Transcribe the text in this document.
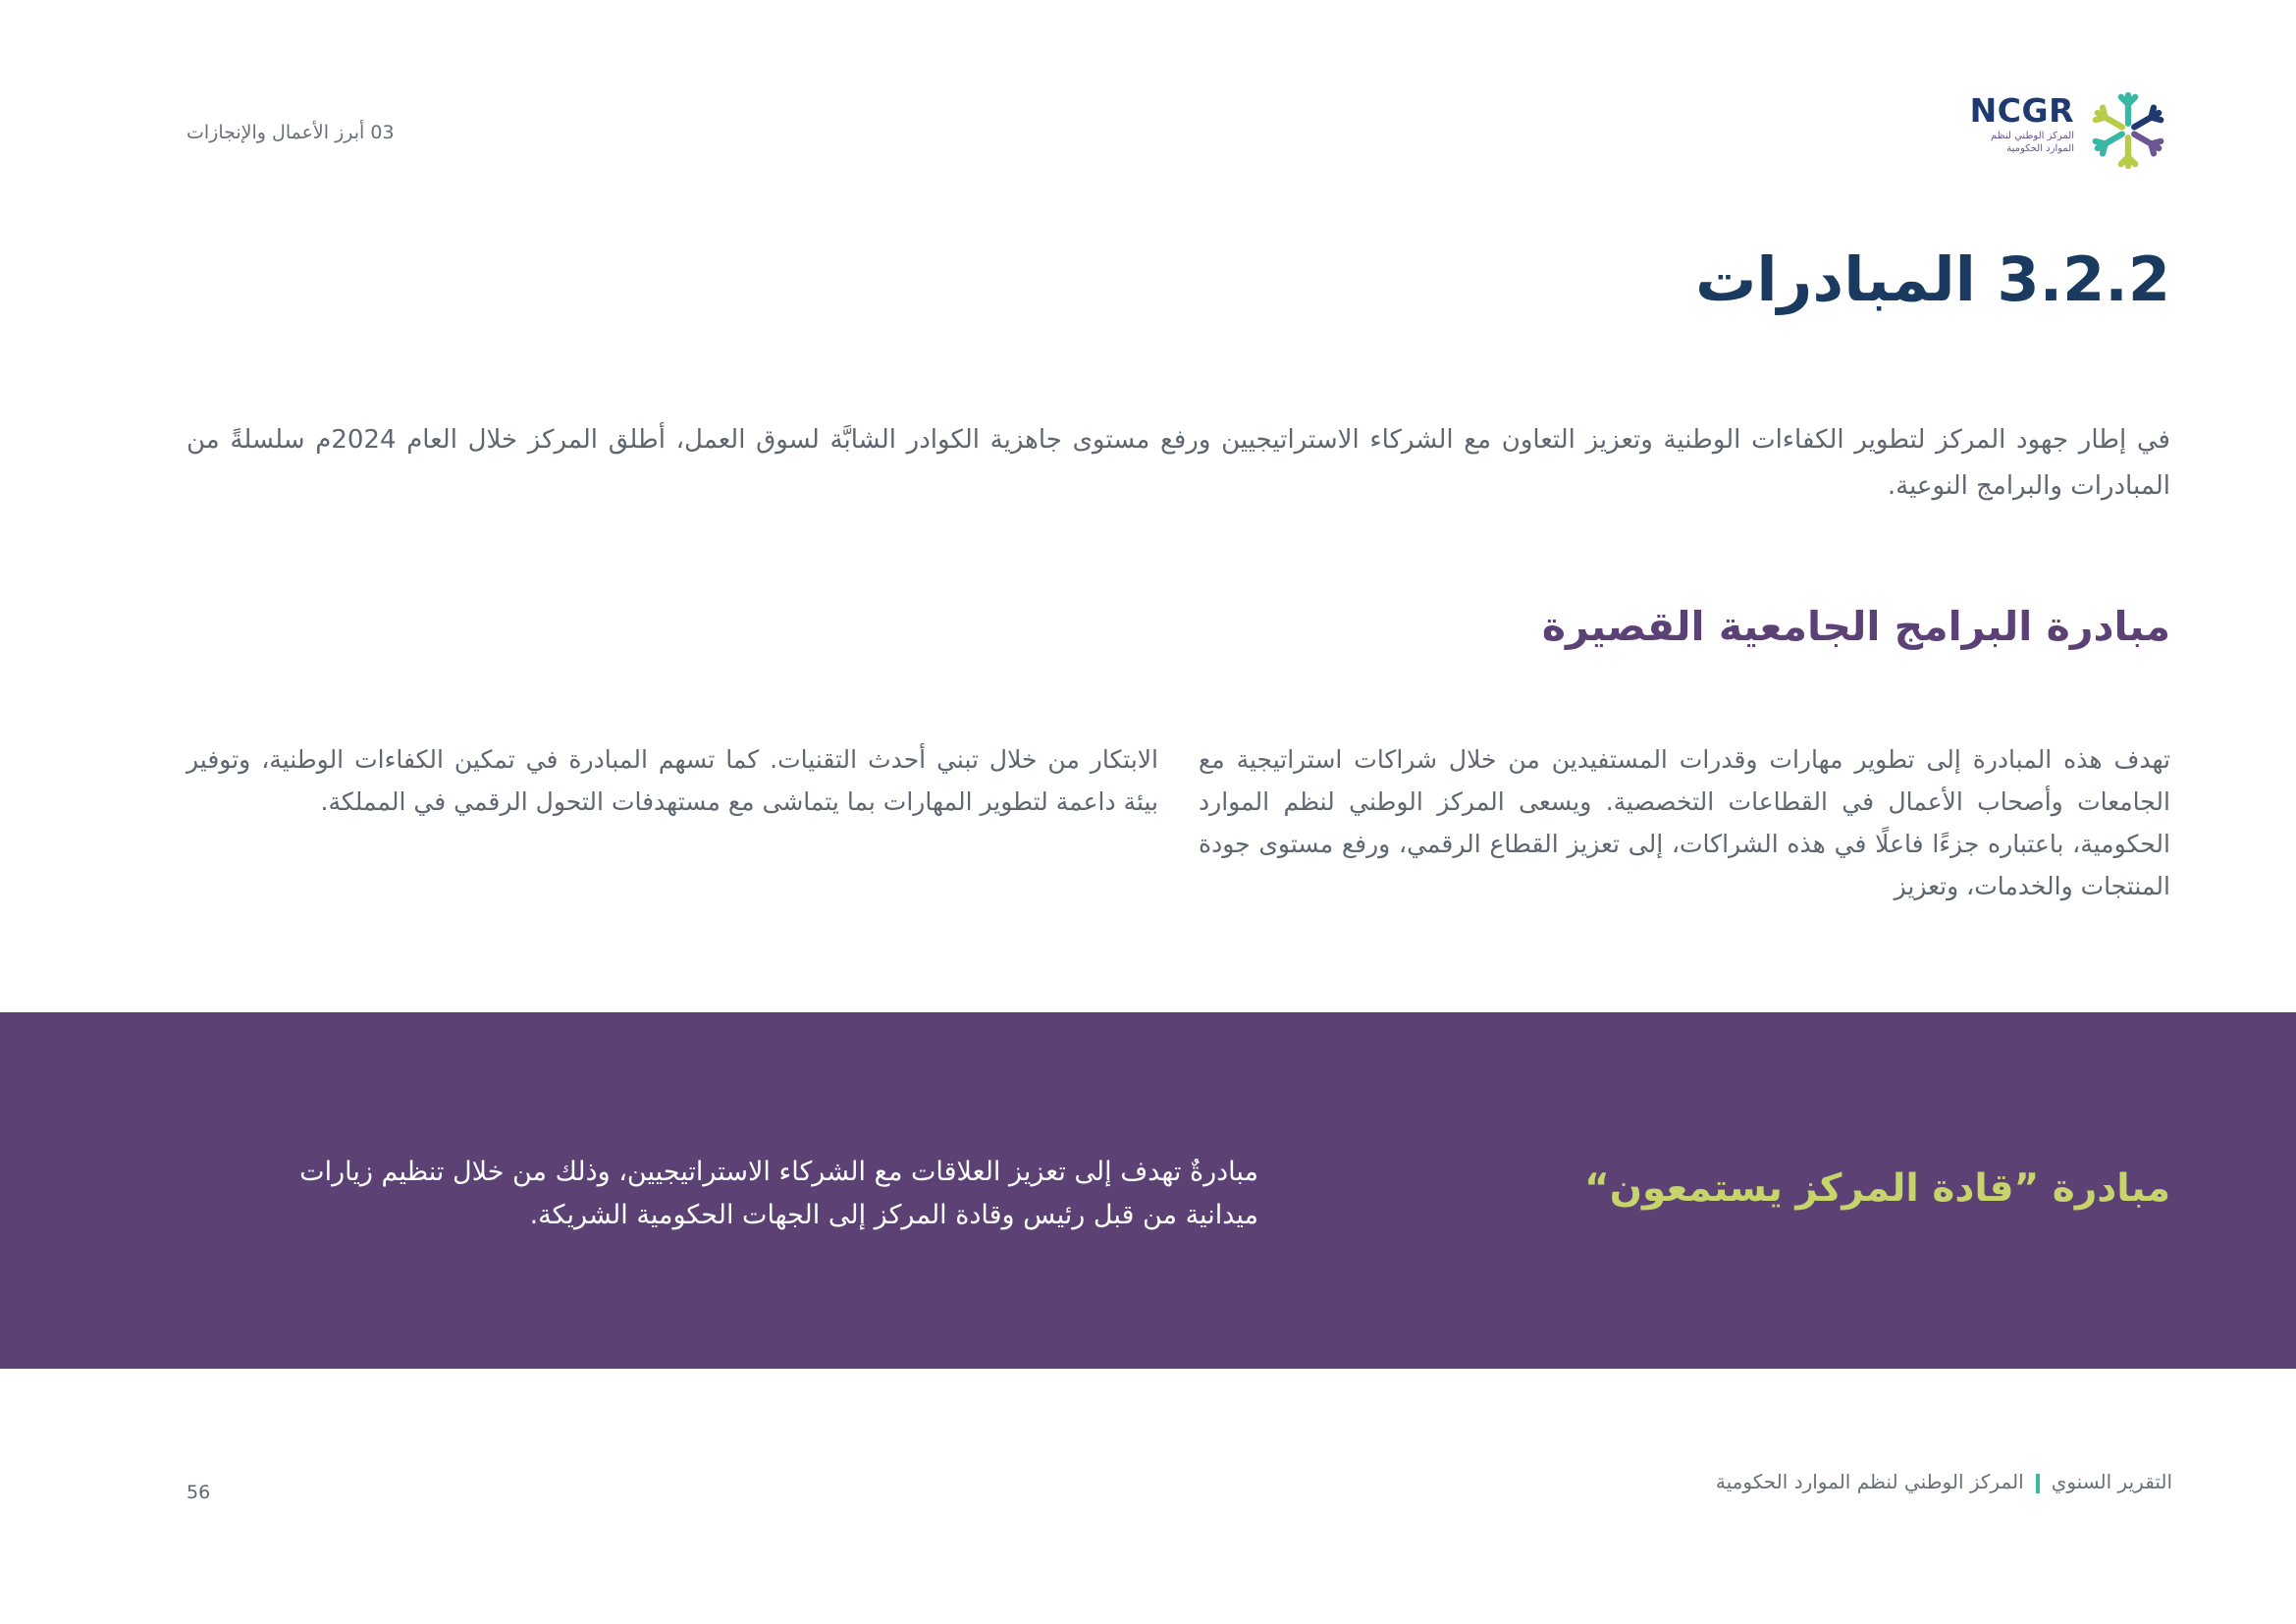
NCGR
المركز الوطني لنظم
الموارد الحكومية
03 أبرز الأعمال والإنجازات
3.2.2 المبادرات
في إطار جهود المركز لتطوير الكفاءات الوطنية وتعزيز التعاون مع الشركاء الاستراتيجيين ورفع مستوى جاهزية الكوادر الشابَّة لسوق العمل، أطلق المركز خلال العام 2024م سلسلةً من المبادرات والبرامج النوعية.
مبادرة البرامج الجامعية القصيرة
تهدف هذه المبادرة إلى تطوير مهارات وقدرات المستفيدين من خلال شراكات استراتيجية مع الجامعات وأصحاب الأعمال في القطاعات التخصصية. ويسعى المركز الوطني لنظم الموارد الحكومية، باعتباره جزءًا فاعلًا في هذه الشراكات، إلى تعزيز القطاع الرقمي، ورفع مستوى جودة المنتجات والخدمات، وتعزيز
الابتكار من خلال تبني أحدث التقنيات. كما تسهم المبادرة في تمكين الكفاءات الوطنية، وتوفير بيئة داعمة لتطوير المهارات بما يتماشى مع مستهدفات التحول الرقمي في المملكة.
مبادرة ”قادة المركز يستمعون“
مبادرةٌ تهدف إلى تعزيز العلاقات مع الشركاء الاستراتيجيين، وذلك من خلال تنظيم زيارات ميدانية من قبل رئيس وقادة المركز إلى الجهات الحكومية الشريكة.
التقرير السنويالمركز الوطني لنظم الموارد الحكومية
56
